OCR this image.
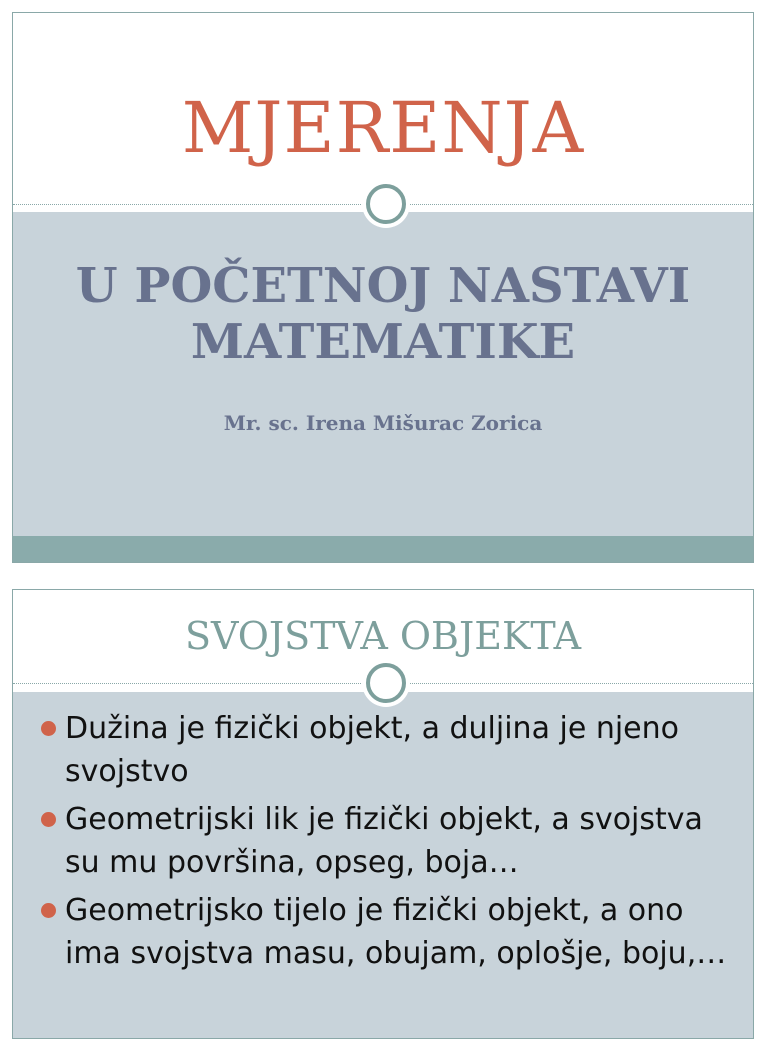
MJERENJA
U POČETNOJ NASTAVI
MATEMATIKE
Mr. sc. Irena Mišurac Zorica
SVOJSTVA OBJEKTA
Dužina je fizički objekt, a duljina je njeno svojstvo
Geometrijski lik je fizički objekt, a svojstva su mu površina, opseg, boja…
Geometrijsko tijelo je fizički objekt, a ono ima svojstva masu, obujam, oplošje, boju,…
